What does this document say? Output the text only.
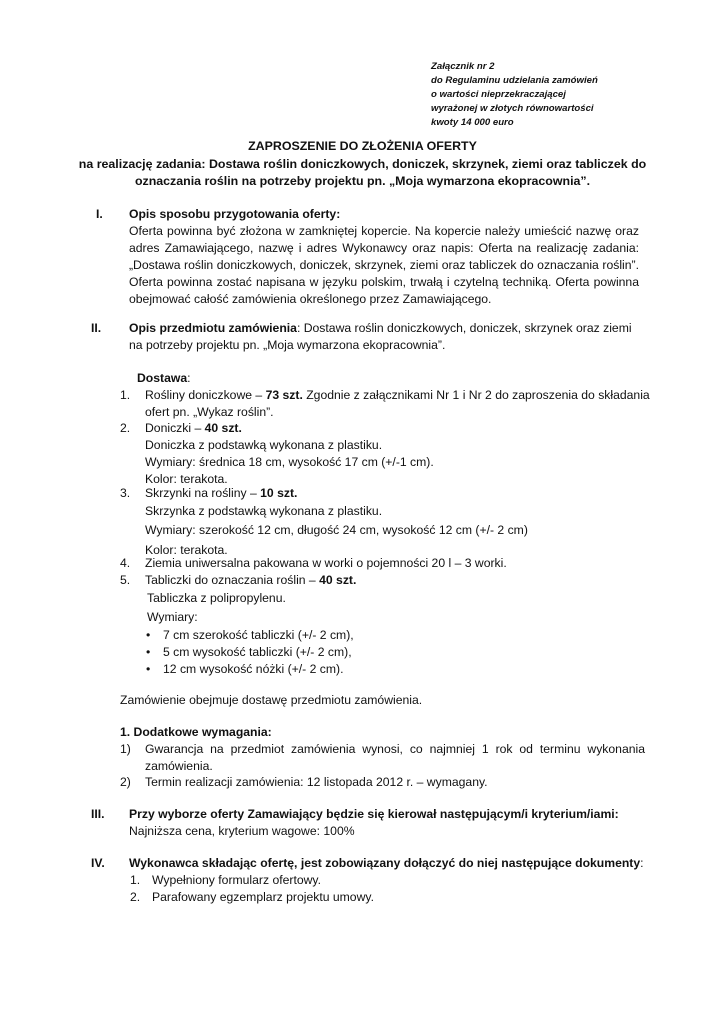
Załącznik nr 2
do Regulaminu udzielania zamówień
o wartości nieprzekraczającej
wyrażonej w złotych równowartości
kwoty 14 000 euro
ZAPROSZENIE DO ZŁOŻENIA OFERTY
na realizację zadania: Dostawa roślin doniczkowych, doniczek, skrzynek, ziemi oraz tabliczek do
oznaczania roślin na potrzeby projektu pn. „Moja wymarzona ekopracownia”.
I. Opis sposobu przygotowania oferty:
Oferta powinna być złożona w zamkniętej kopercie. Na kopercie należy umieścić nazwę oraz adres Zamawiającego, nazwę i adres Wykonawcy oraz napis: Oferta na realizację zadania: „Dostawa roślin doniczkowych, doniczek, skrzynek, ziemi oraz tabliczek do oznaczania roślin”. Oferta powinna zostać napisana w języku polskim, trwałą i czytelną techniką. Oferta powinna obejmować całość zamówienia określonego przez Zamawiającego.
II. Opis przedmiotu zamówienia: Dostawa roślin doniczkowych, doniczek, skrzynek oraz ziemi
na potrzeby projektu pn. „Moja wymarzona ekopracownia”.
Dostawa:
1. Rośliny doniczkowe – 73 szt. Zgodnie z załącznikami Nr 1 i Nr 2 do zaproszenia do składania
ofert pn. „Wykaz roślin”.
2. Doniczki – 40 szt.
Doniczka z podstawką wykonana z plastiku.
Wymiary: średnica 18 cm, wysokość 17 cm (+/-1 cm).
Kolor: terakota.
3. Skrzynki na rośliny – 10 szt.
Skrzynka z podstawką wykonana z plastiku.
Wymiary: szerokość 12 cm, długość 24 cm, wysokość 12 cm (+/- 2 cm)
Kolor: terakota.
4. Ziemia uniwersalna pakowana w worki o pojemności 20 l – 3 worki.
5. Tabliczki do oznaczania roślin – 40 szt.
Tabliczka z polipropylenu.
Wymiary:
• 7 cm szerokość tabliczki (+/- 2 cm),
• 5 cm wysokość tabliczki (+/- 2 cm),
• 12 cm wysokość nóżki (+/- 2 cm).
Zamówienie obejmuje dostawę przedmiotu zamówienia.
1. Dodatkowe wymagania:
1) Gwarancja na przedmiot zamówienia wynosi, co najmniej 1 rok od terminu wykonania
zamówienia.
2) Termin realizacji zamówienia: 12 listopada 2012 r. – wymagany.
III. Przy wyborze oferty Zamawiający będzie się kierował następującym/i kryterium/iami:
Najniższa cena, kryterium wagowe: 100%
IV. Wykonawca składając ofertę, jest zobowiązany dołączyć do niej następujące dokumenty:
1. Wypełniony formularz ofertowy.
2. Parafowany egzemplarz projektu umowy.
